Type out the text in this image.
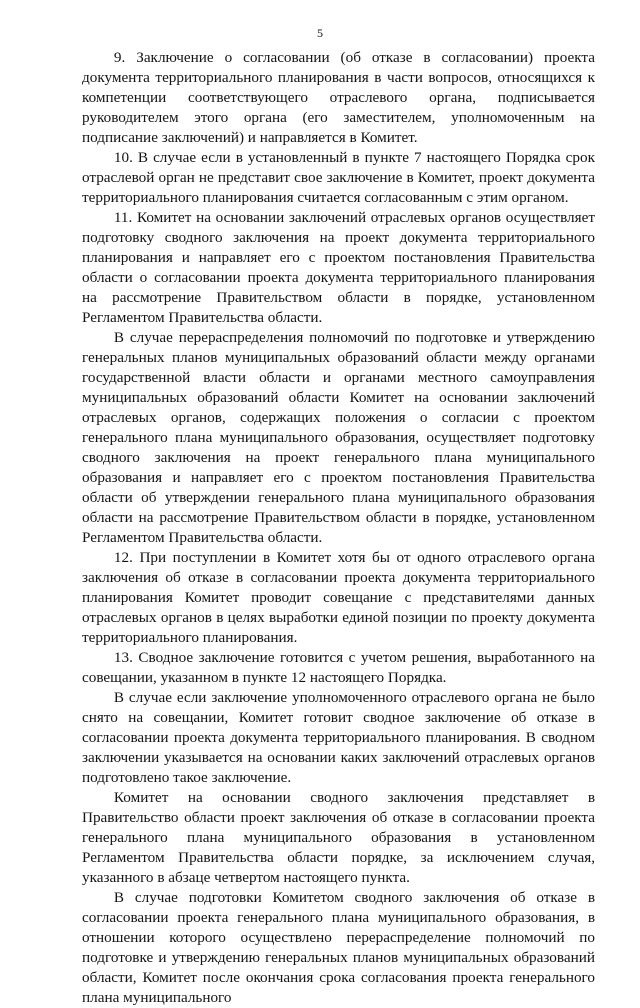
5

9. Заключение о согласовании (об отказе в согласовании) проекта документа территориального планирования в части вопросов, относящихся к компетенции соответствующего отраслевого органа, подписывается руководителем этого органа (его заместителем, уполномоченным на подписание заключений) и направляется в Комитет.

10. В случае если в установленный в пункте 7 настоящего Порядка срок отраслевой орган не представит свое заключение в Комитет, проект документа территориального планирования считается согласованным с этим органом.

11. Комитет на основании заключений отраслевых органов осуществляет подготовку сводного заключения на проект документа территориального планирования и направляет его с проектом постановления Правительства области о согласовании проекта документа территориального планирования на рассмотрение Правительством области в порядке, установленном Регламентом Правительства области.

В случае перераспределения полномочий по подготовке и утверждению генеральных планов муниципальных образований области между органами государственной власти области и органами местного самоуправления муниципальных образований области Комитет на основании заключений отраслевых органов, содержащих положения о согласии с проектом генерального плана муниципального образования, осуществляет подготовку сводного заключения на проект генерального плана муниципального образования и направляет его с проектом постановления Правительства области об утверждении генерального плана муниципального образования области на рассмотрение Правительством области в порядке, установленном Регламентом Правительства области.

12. При поступлении в Комитет хотя бы от одного отраслевого органа заключения об отказе в согласовании проекта документа территориального планирования Комитет проводит совещание с представителями данных отраслевых органов в целях выработки единой позиции по проекту документа территориального планирования.

13. Сводное заключение готовится с учетом решения, выработанного на совещании, указанном в пункте 12 настоящего Порядка.

В случае если заключение уполномоченного отраслевого органа не было снято на совещании, Комитет готовит сводное заключение об отказе в согласовании проекта документа территориального планирования. В сводном заключении указывается на основании каких заключений отраслевых органов подготовлено такое заключение.

Комитет на основании сводного заключения представляет в Правительство области проект заключения об отказе в согласовании проекта генерального плана муниципального образования в установленном Регламентом Правительства области порядке, за исключением случая, указанного в абзаце четвертом настоящего пункта.

В случае подготовки Комитетом сводного заключения об отказе в согласовании проекта генерального плана муниципального образования, в отношении которого осуществлено перераспределение полномочий по подготовке и утверждению генеральных планов муниципальных образований области, Комитет после окончания срока согласования проекта генерального плана муниципального
